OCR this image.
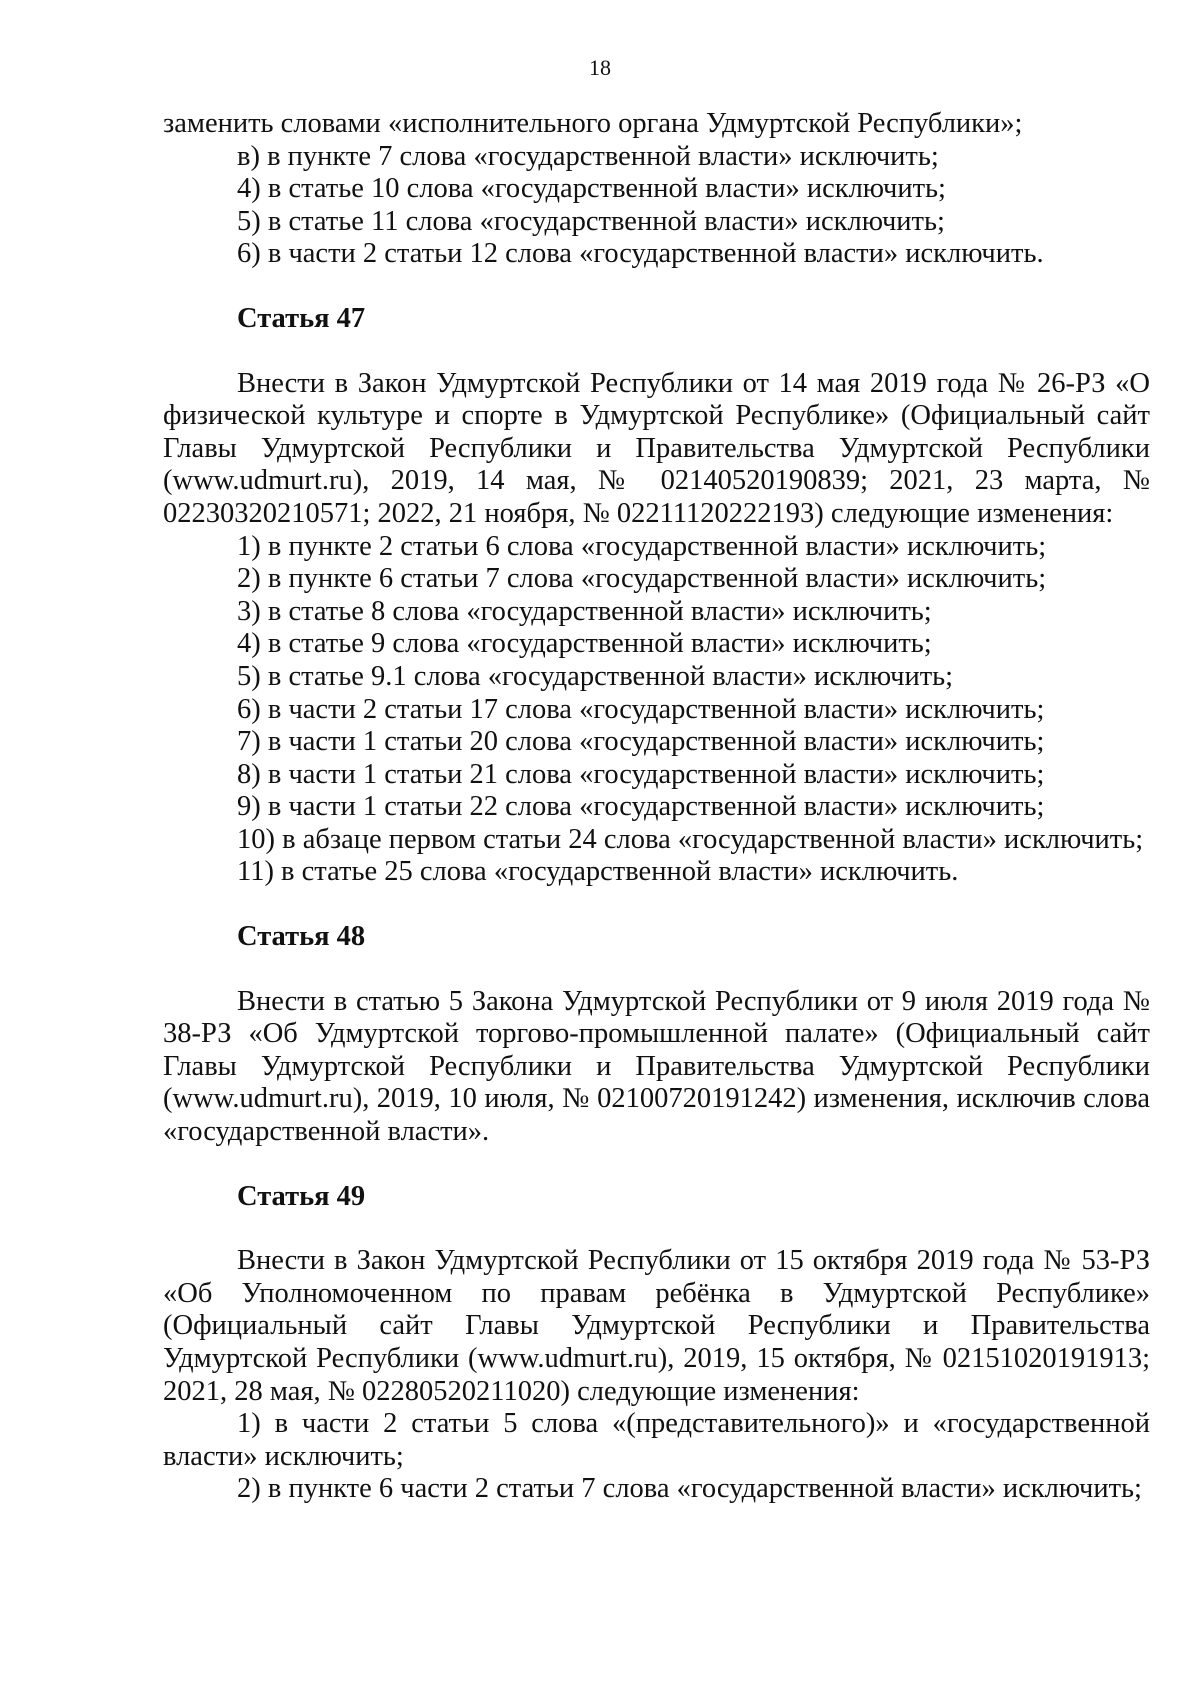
18

заменить словами «исполнительного органа Удмуртской Республики»;

в) в пункте 7 слова «государственной власти» исключить;

4) в статье 10 слова «государственной власти» исключить;

5) в статье 11 слова «государственной власти» исключить;

6) в части 2 статьи 12 слова «государственной власти» исключить.

Статья 47

Внести в Закон Удмуртской Республики от 14 мая 2019 года № 26-РЗ «О физической культуре и спорте в Удмуртской Республике» (Официальный сайт Главы Удмуртской Республики и Правительства Удмуртской Республики (www.udmurt.ru), 2019, 14 мая, № 02140520190839; 2021, 23 марта, № 02230320210571; 2022, 21 ноября, № 02211120222193) следующие изменения:

1) в пункте 2 статьи 6 слова «государственной власти» исключить;

2) в пункте 6 статьи 7 слова «государственной власти» исключить;

3) в статье 8 слова «государственной власти» исключить;

4) в статье 9 слова «государственной власти» исключить;

5) в статье 9.1 слова «государственной власти» исключить;

6) в части 2 статьи 17 слова «государственной власти» исключить;

7) в части 1 статьи 20 слова «государственной власти» исключить;

8) в части 1 статьи 21 слова «государственной власти» исключить;

9) в части 1 статьи 22 слова «государственной власти» исключить;

10) в абзаце первом статьи 24 слова «государственной власти» исключить;

11) в статье 25 слова «государственной власти» исключить.

Статья 48

Внести в статью 5 Закона Удмуртской Республики от 9 июля 2019 года № 38-РЗ «Об Удмуртской торгово-промышленной палате» (Официальный сайт Главы Удмуртской Республики и Правительства Удмуртской Республики (www.udmurt.ru), 2019, 10 июля, № 02100720191242) изменения, исключив слова «государственной власти».

Статья 49

Внести в Закон Удмуртской Республики от 15 октября 2019 года № 53-РЗ «Об Уполномоченном по правам ребёнка в Удмуртской Республике» (Официальный сайт Главы Удмуртской Республики и Правительства Удмуртской Республики (www.udmurt.ru), 2019, 15 октября, № 02151020191913; 2021, 28 мая, № 02280520211020) следующие изменения:

1) в части 2 статьи 5 слова «(представительного)» и «государственной власти» исключить;

2) в пункте 6 части 2 статьи 7 слова «государственной власти» исключить;
